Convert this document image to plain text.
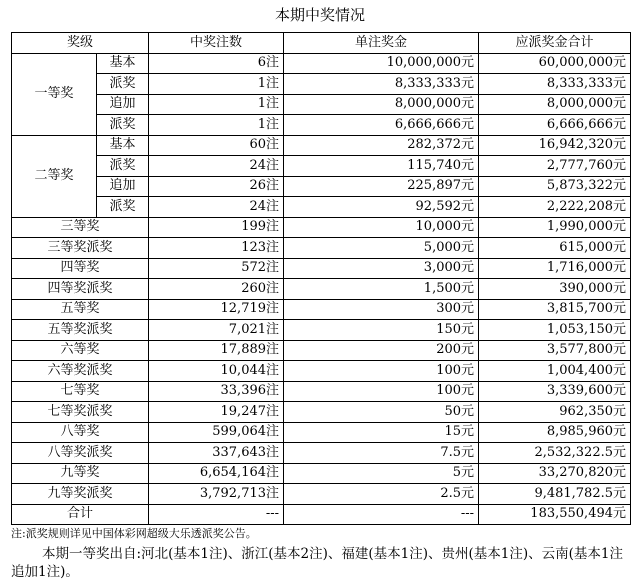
本期中奖情况
奖级		中奖注数	单注奖金	应派奖金合计
一等奖	基本	6注	10,000,000元	60,000,000元
	派奖	1注	8,333,333元	8,333,333元
	追加	1注	8,000,000元	8,000,000元
	派奖	1注	6,666,666元	6,666,666元
二等奖	基本	60注	282,372元	16,942,320元
	派奖	24注	115,740元	2,777,760元
	追加	26注	225,897元	5,873,322元
	派奖	24注	92,592元	2,222,208元
三等奖		199注	10,000元	1,990,000元
三等奖派奖		123注	5,000元	615,000元
四等奖		572注	3,000元	1,716,000元
四等奖派奖		260注	1,500元	390,000元
五等奖		12,719注	300元	3,815,700元
五等奖派奖		7,021注	150元	1,053,150元
六等奖		17,889注	200元	3,577,800元
六等奖派奖		10,044注	100元	1,004,400元
七等奖		33,396注	100元	3,339,600元
七等奖派奖		19,247注	50元	962,350元
八等奖		599,064注	15元	8,985,960元
八等奖派奖		337,643注	7.5元	2,532,322.5元
九等奖		6,654,164注	5元	33,270,820元
九等奖派奖		3,792,713注	2.5元	9,481,782.5元
合计		---	---	183,550,494元
注:派奖规则详见中国体彩网超级大乐透派奖公告。
本期一等奖出自:河北(基本1注)、浙江(基本2注)、福建(基本1注)、贵州(基本1注)、云南(基本1注 追加1注)。
